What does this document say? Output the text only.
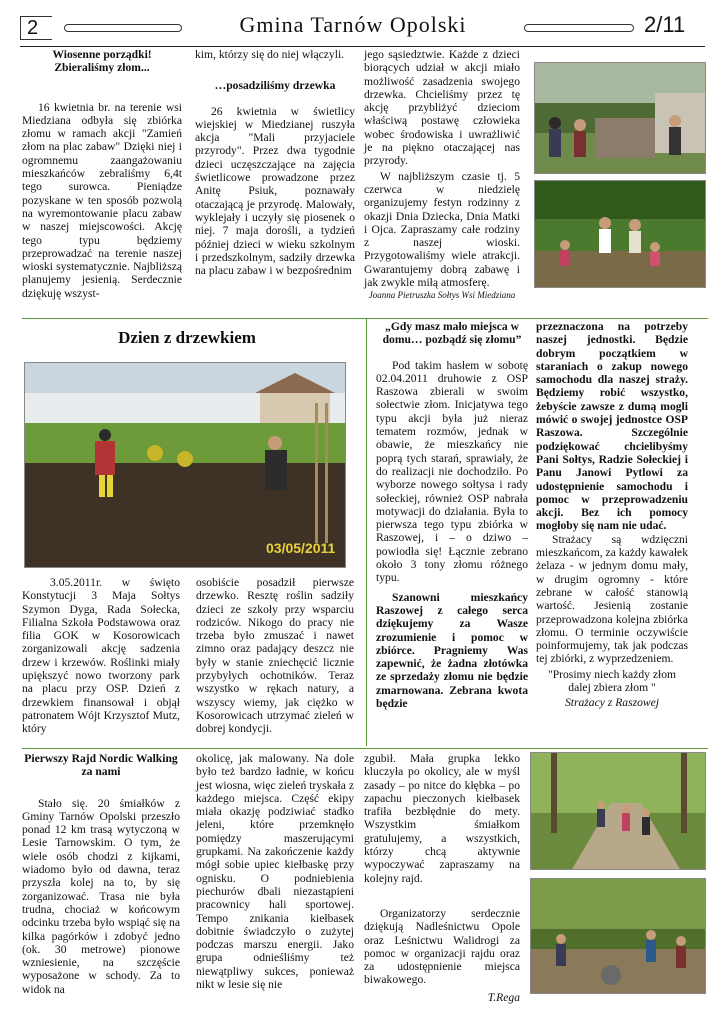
2	Gmina Tarnów Opolski	2/11
Wiosenne porządki! Zbieraliśmy złom...

16 kwietnia br. na terenie wsi Miedziana odbyła się zbiórka złomu w ramach akcji "Zamień złom na plac zabaw" Dzięki niej i ogromnemu zaangażowaniu mieszkańców zebraliśmy 6,4t tego surowca. Pieniądze pozyskane w ten sposób pozwolą na wyremontowanie placu zabaw w naszej miejscowości. Akcję tego typu będziemy przeprowadzać na terenie naszej wioski systematycznie. Najbliższą planujemy jesienią. Serdecznie dziękuję wszyst-

kim, którzy się do niej włączyli.

…posadziliśmy drzewka

26 kwietnia w świetlicy wiejskiej w Miedzianej ruszyła akcja "Mali przyjaciele przyrody". Przez dwa tygodnie dzieci uczęszczające na zajęcia świetlicowe prowadzone przez Anitę Psiuk, poznawały otaczającą je przyrodę. Malowały, wyklejały i uczyły się piosenek o niej. 7 maja dorośli, a tydzień później dzieci w wieku szkolnym i przedszkolnym, sadziły drzewka na placu zabaw i w bezpośrednim

jego sąsiedztwie. Każde z dzieci biorących udział w akcji miało możliwość zasadzenia swojego drzewka. Chcieliśmy przez tę akcję przybliżyć dzieciom właściwą postawę człowieka wobec środowiska i uwrażliwić je na piękno otaczającej nas przyrody.

W najbliższym czasie tj. 5 czerwca w niedzielę organizujemy festyn rodzinny z okazji Dnia Dziecka, Dnia Matki i Ojca. Zapraszamy całe rodziny z naszej wioski. Przygotowaliśmy wiele atrakcji. Gwarantujemy dobrą zabawę i jak zwykle miłą atmosferę.

Joanna Pietruszka Sołtys Wsi Miedziana

Dzien z drzewkiem
03/05/2011

3.05.2011r. w święto Konstytucji 3 Maja Sołtys Szymon Dyga, Rada Sołecka, Filialna Szkoła Podstawowa oraz filia GOK w Kosorowicach zorganizowali akcję sadzenia drzew i krzewów. Roślinki miały upiększyć nowo tworzony park na placu przy OSP. Dzień z drzewkiem finansował i objął patronatem Wójt Krzysztof Mutz, który

osobiście posadził pierwsze drzewko. Resztę roślin sadziły dzieci ze szkoły przy wsparciu rodziców. Nikogo do pracy nie trzeba było zmuszać i nawet zimno oraz padający deszcz nie były w stanie zniechęcić licznie przybyłych ochotników. Teraz wszystko w rękach natury, a wszyscy wiemy, jak ciężko w Kosorowicach utrzymać zieleń w dobrej kondycji.

„Gdy masz mało miejsca w domu… pozbądź się złomu”

Pod takim hasłem w sobotę 02.04.2011 druhowie z OSP Raszowa zbierali w swoim sołectwie złom. Inicjatywa tego typu akcji była już nieraz tematem rozmów, jednak w obawie, że mieszkańcy nie poprą tych starań, sprawiały, że do realizacji nie dochodziło. Po wyborze nowego sołtysa i rady sołeckiej, również OSP nabrała motywacji do działania. Była to pierwsza tego typu zbiórka w Raszowej, i – o dziwo – powiodła się! Łącznie zebrano około 3 tony złomu różnego typu.

Szanowni mieszkańcy Raszowej z całego serca dziękujemy za Wasze zrozumienie i pomoc w zbiórce. Pragniemy Was zapewnić, że żadna złotówka ze sprzedaży złomu nie będzie zmarnowana. Zebrana kwota będzie

przeznaczona na potrzeby naszej jednostki. Będzie dobrym początkiem w staraniach o zakup nowego samochodu dla naszej straży. Będziemy robić wszystko, żebyście zawsze z dumą mogli mówić o swojej jednostce OSP Raszowa. Szczególnie podziękować chcielibyśmy Pani Sołtys, Radzie Sołeckiej i Panu Janowi Pytlowi za udostępnienie samochodu i pomoc w przeprowadzeniu akcji. Bez ich pomocy mogłoby się nam nie udać.

Strażacy są wdzięczni mieszkańcom, za każdy kawałek żelaza - w jednym domu mały, w drugim ogromny - które zebrane w całość stanowią wartość. Jesienią zostanie przeprowadzona kolejna zbiórka złomu. O terminie oczywiście poinformujemy, tak jak podczas tej zbiórki, z wyprzedzeniem.

"Prosimy niech każdy złom dalej zbiera złom "

Strażacy z Raszowej

Pierwszy Rajd Nordic Walking za nami

Stało się. 20 śmiałków z Gminy Tarnów Opolski przeszło ponad 12 km trasą wytyczoną w Lesie Tarnowskim. O tym, że wiele osób chodzi z kijkami, wiadomo było od dawna, teraz przyszła kolej na to, by się zorganizować. Trasa nie była trudna, chociaż w końcowym odcinku trzeba było wspiąć się na kilka pagórków i zdobyć jedno (ok. 30 metrowe) pionowe wzniesienie, na szczęście wyposażone w schody. Za to widok na

okolicę, jak malowany. Na dole było też bardzo ładnie, w końcu jest wiosna, więc zieleń tryskała z każdego miejsca. Część ekipy miała okazję podziwiać stadko jeleni, które przemknęło pomiędzy maszerującymi grupkami. Na zakończenie każdy mógł sobie upiec kiełbaskę przy ognisku. O podniebienia piechurów dbali niezastąpieni pracownicy hali sportowej. Tempo znikania kiełbasek dobitnie świadczyło o zużytej podczas marszu energii. Jako grupa odnieśliśmy też niewątpliwy sukces, ponieważ nikt w lesie się nie

zgubił. Mała grupka lekko kluczyła po okolicy, ale w myśl zasady – po nitce do kłębka – po zapachu pieczonych kiełbasek trafiła bezbłędnie do mety. Wszystkim śmiałkom gratulujemy, a wszystkich, którzy chcą aktywnie wypoczywać zapraszamy na kolejny rajd.

Organizatorzy serdecznie dziękują Nadleśnictwu Opole oraz Leśnictwu Walidrogi za pomoc w organizacji rajdu oraz za udostępnienie miejsca biwakowego.

T.Rega
